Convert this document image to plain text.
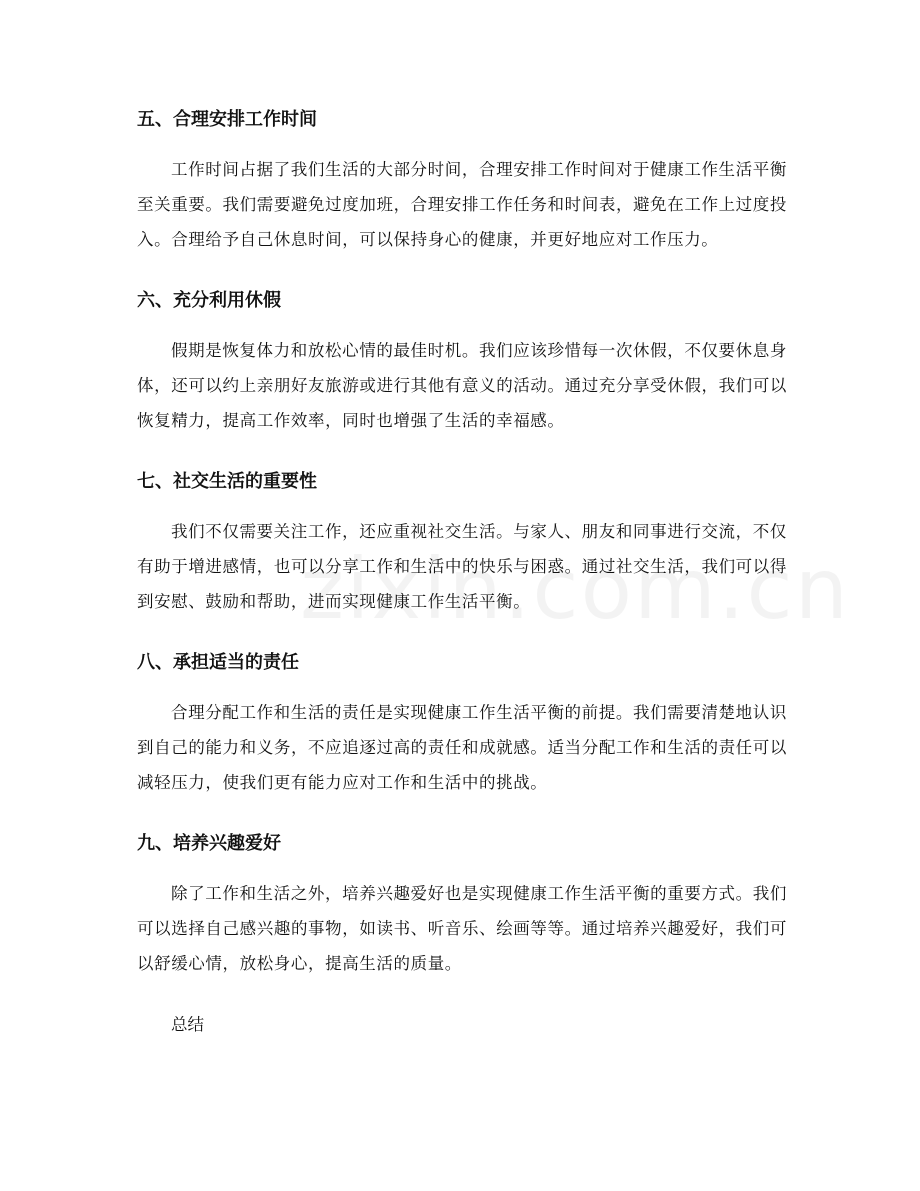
五、合理安排工作时间

工作时间占据了我们生活的大部分时间，合理安排工作时间对于健康工作生活平衡至关重要。我们需要避免过度加班，合理安排工作任务和时间表，避免在工作上过度投入。合理给予自己休息时间，可以保持身心的健康，并更好地应对工作压力。

六、充分利用休假

假期是恢复体力和放松心情的最佳时机。我们应该珍惜每一次休假，不仅要休息身体，还可以约上亲朋好友旅游或进行其他有意义的活动。通过充分享受休假，我们可以恢复精力，提高工作效率，同时也增强了生活的幸福感。

七、社交生活的重要性

我们不仅需要关注工作，还应重视社交生活。与家人、朋友和同事进行交流，不仅有助于增进感情，也可以分享工作和生活中的快乐与困惑。通过社交生活，我们可以得到安慰、鼓励和帮助，进而实现健康工作生活平衡。

八、承担适当的责任

合理分配工作和生活的责任是实现健康工作生活平衡的前提。我们需要清楚地认识到自己的能力和义务，不应追逐过高的责任和成就感。适当分配工作和生活的责任可以减轻压力，使我们更有能力应对工作和生活中的挑战。

九、培养兴趣爱好

除了工作和生活之外，培养兴趣爱好也是实现健康工作生活平衡的重要方式。我们可以选择自己感兴趣的事物，如读书、听音乐、绘画等等。通过培养兴趣爱好，我们可以舒缓心情，放松身心，提高生活的质量。

总结
